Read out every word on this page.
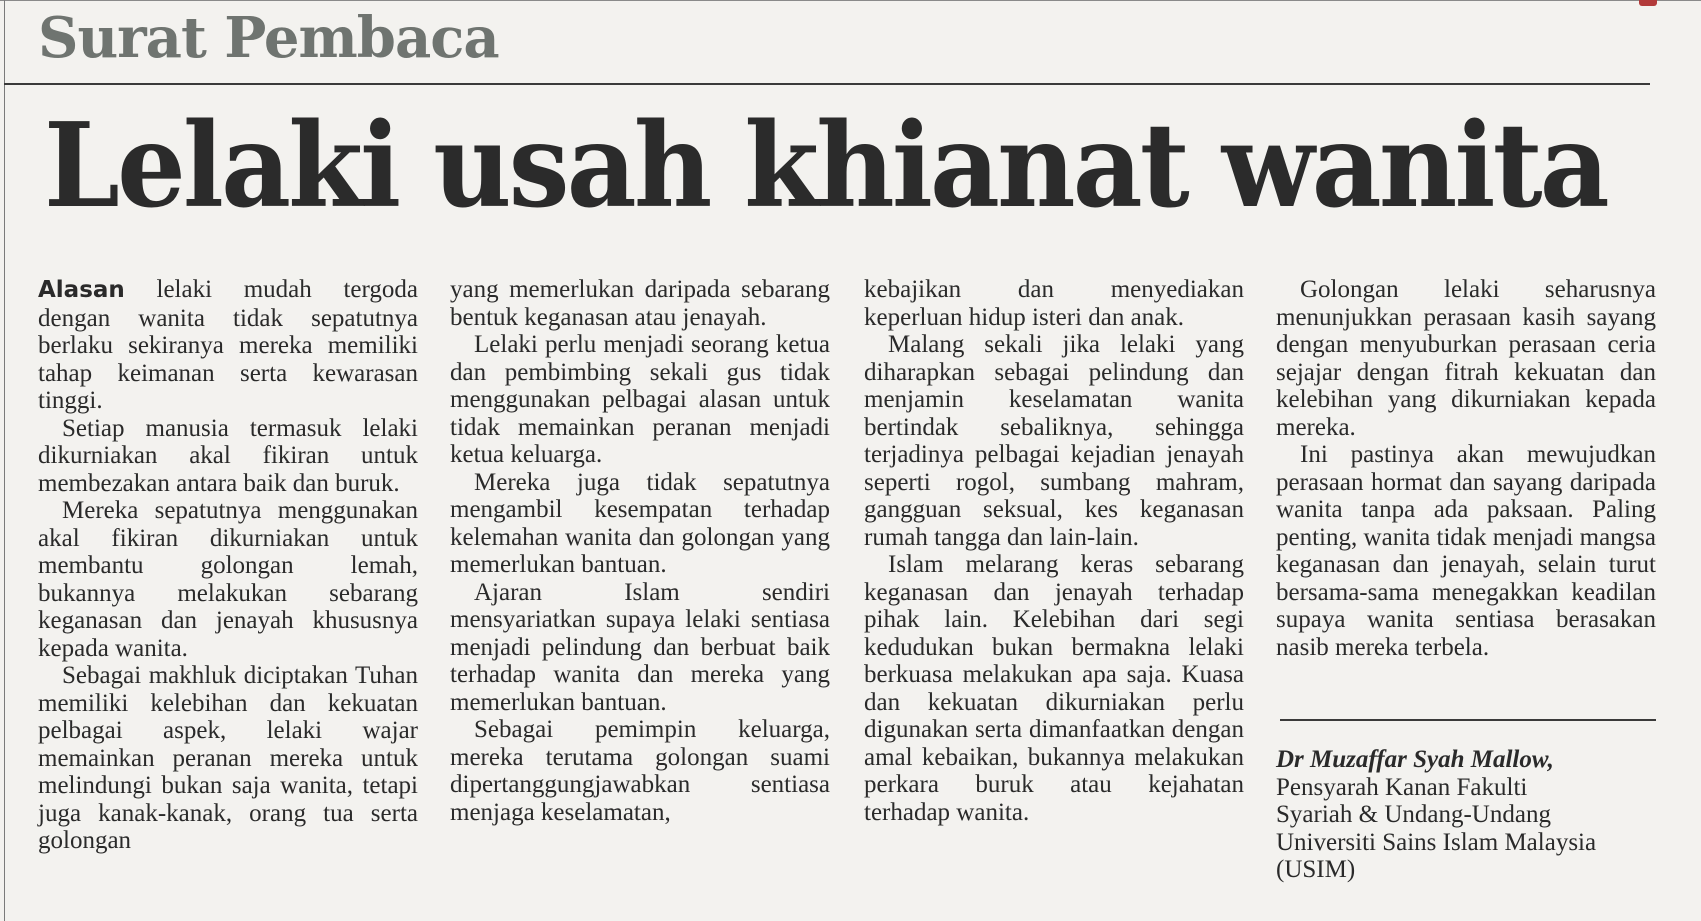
Surat Pembaca
Lelaki usah khianat wanita

Alasan lelaki mudah tergoda dengan wanita tidak sepatutnya berlaku sekiranya mereka memiliki tahap keimanan serta kewarasan tinggi.

Setiap manusia termasuk lelaki dikurniakan akal fikiran untuk membezakan antara baik dan buruk.

Mereka sepatutnya menggunakan akal fikiran dikurniakan untuk membantu golongan lemah, bukannya melakukan sebarang keganasan dan jenayah khususnya kepada wanita.

Sebagai makhluk diciptakan Tuhan memiliki kelebihan dan kekuatan pelbagai aspek, lelaki wajar memainkan peranan mereka untuk melindungi bukan saja wanita, tetapi juga kanak-kanak, orang tua serta golongan

yang memerlukan daripada sebarang bentuk keganasan atau jenayah.

Lelaki perlu menjadi seorang ketua dan pembimbing sekali gus tidak menggunakan pelbagai alasan untuk tidak memainkan peranan menjadi ketua keluarga.

Mereka juga tidak sepatutnya mengambil kesempatan terhadap kelemahan wanita dan golongan yang memerlukan bantuan.

Ajaran Islam sendiri mensyariatkan supaya lelaki sentiasa menjadi pelindung dan berbuat baik terhadap wanita dan mereka yang memerlukan bantuan.

Sebagai pemimpin keluarga, mereka terutama golongan suami dipertanggungjawabkan sentiasa menjaga keselamatan,

kebajikan dan menyediakan keperluan hidup isteri dan anak.

Malang sekali jika lelaki yang diharapkan sebagai pelindung dan menjamin keselamatan wanita bertindak sebaliknya, sehingga terjadinya pelbagai kejadian jenayah seperti rogol, sumbang mahram, gangguan seksual, kes keganasan rumah tangga dan lain-lain.

Islam melarang keras sebarang keganasan dan jenayah terhadap pihak lain. Kelebihan dari segi kedudukan bukan bermakna lelaki berkuasa melakukan apa saja. Kuasa dan kekuatan dikurniakan perlu digunakan serta dimanfaatkan dengan amal kebaikan, bukannya melakukan perkara buruk atau kejahatan terhadap wanita.

Golongan lelaki seharusnya menunjukkan perasaan kasih sayang dengan menyuburkan perasaan ceria sejajar dengan fitrah kekuatan dan kelebihan yang dikurniakan kepada mereka.

Ini pastinya akan mewujudkan perasaan hormat dan sayang daripada wanita tanpa ada paksaan. Paling penting, wanita tidak menjadi mangsa keganasan dan jenayah, selain turut bersama-sama menegakkan keadilan supaya wanita sentiasa berasakan nasib mereka terbela.

Dr Muzaffar Syah Mallow,
Pensyarah Kanan Fakulti
Syariah & Undang-Undang Universiti Sains Islam Malaysia
(USIM)
